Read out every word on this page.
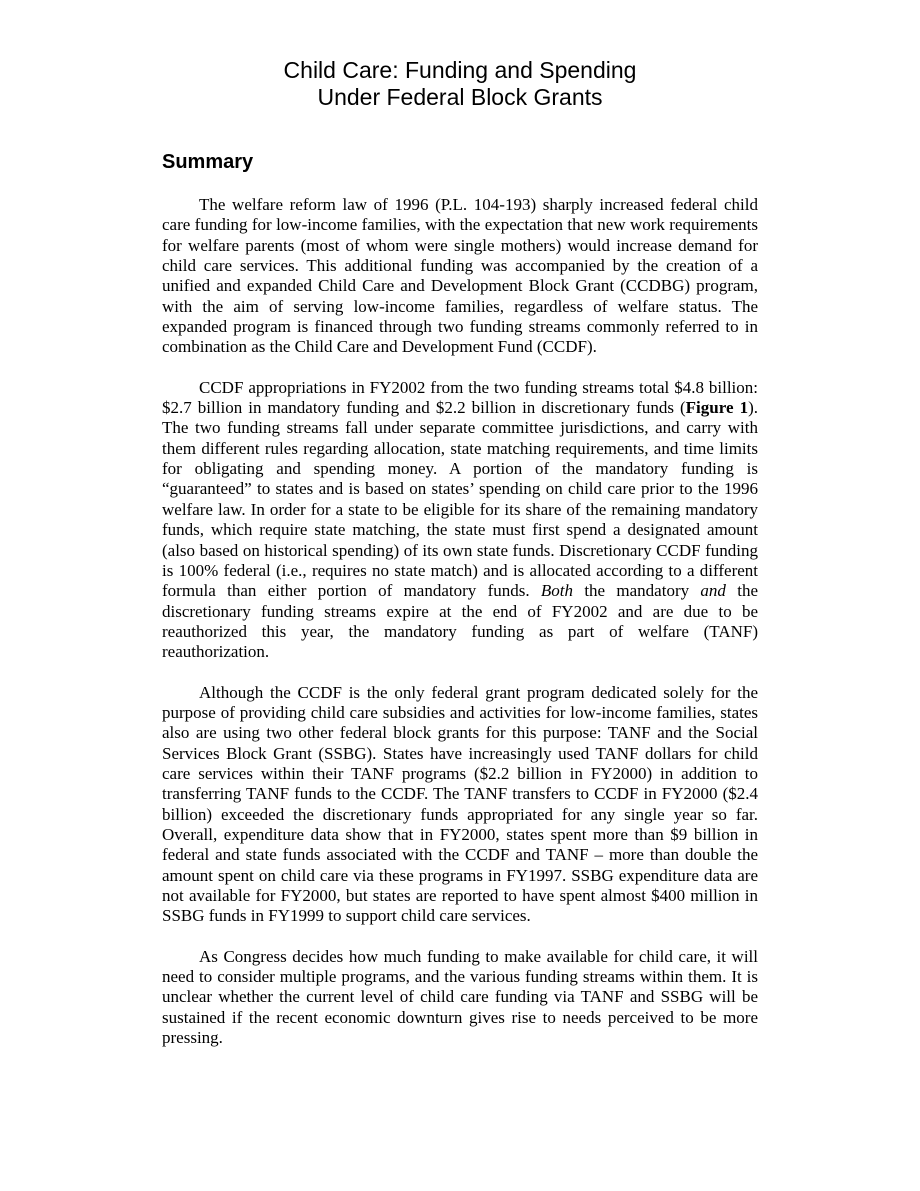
Child Care: Funding and Spending
Under Federal Block Grants
Summary

The welfare reform law of 1996 (P.L. 104-193) sharply increased federal child care funding for low-income families, with the expectation that new work requirements for welfare parents (most of whom were single mothers) would increase demand for child care services. This additional funding was accompanied by the creation of a unified and expanded Child Care and Development Block Grant (CCDBG) program, with the aim of serving low-income families, regardless of welfare status. The expanded program is financed through two funding streams commonly referred to in combination as the Child Care and Development Fund (CCDF).

CCDF appropriations in FY2002 from the two funding streams total $4.8 billion: $2.7 billion in mandatory funding and $2.2 billion in discretionary funds (Figure 1). The two funding streams fall under separate committee jurisdictions, and carry with them different rules regarding allocation, state matching requirements, and time limits for obligating and spending money. A portion of the mandatory funding is “guaranteed” to states and is based on states’ spending on child care prior to the 1996 welfare law. In order for a state to be eligible for its share of the remaining mandatory funds, which require state matching, the state must first spend a designated amount (also based on historical spending) of its own state funds. Discretionary CCDF funding is 100% federal (i.e., requires no state match) and is allocated according to a different formula than either portion of mandatory funds. Both the mandatory and the discretionary funding streams expire at the end of FY2002 and are due to be reauthorized this year, the mandatory funding as part of welfare (TANF) reauthorization.

Although the CCDF is the only federal grant program dedicated solely for the purpose of providing child care subsidies and activities for low-income families, states also are using two other federal block grants for this purpose: TANF and the Social Services Block Grant (SSBG). States have increasingly used TANF dollars for child care services within their TANF programs ($2.2 billion in FY2000) in addition to transferring TANF funds to the CCDF. The TANF transfers to CCDF in FY2000 ($2.4 billion) exceeded the discretionary funds appropriated for any single year so far. Overall, expenditure data show that in FY2000, states spent more than $9 billion in federal and state funds associated with the CCDF and TANF – more than double the amount spent on child care via these programs in FY1997. SSBG expenditure data are not available for FY2000, but states are reported to have spent almost $400 million in SSBG funds in FY1999 to support child care services.

As Congress decides how much funding to make available for child care, it will need to consider multiple programs, and the various funding streams within them. It is unclear whether the current level of child care funding via TANF and SSBG will be sustained if the recent economic downturn gives rise to needs perceived to be more pressing.
